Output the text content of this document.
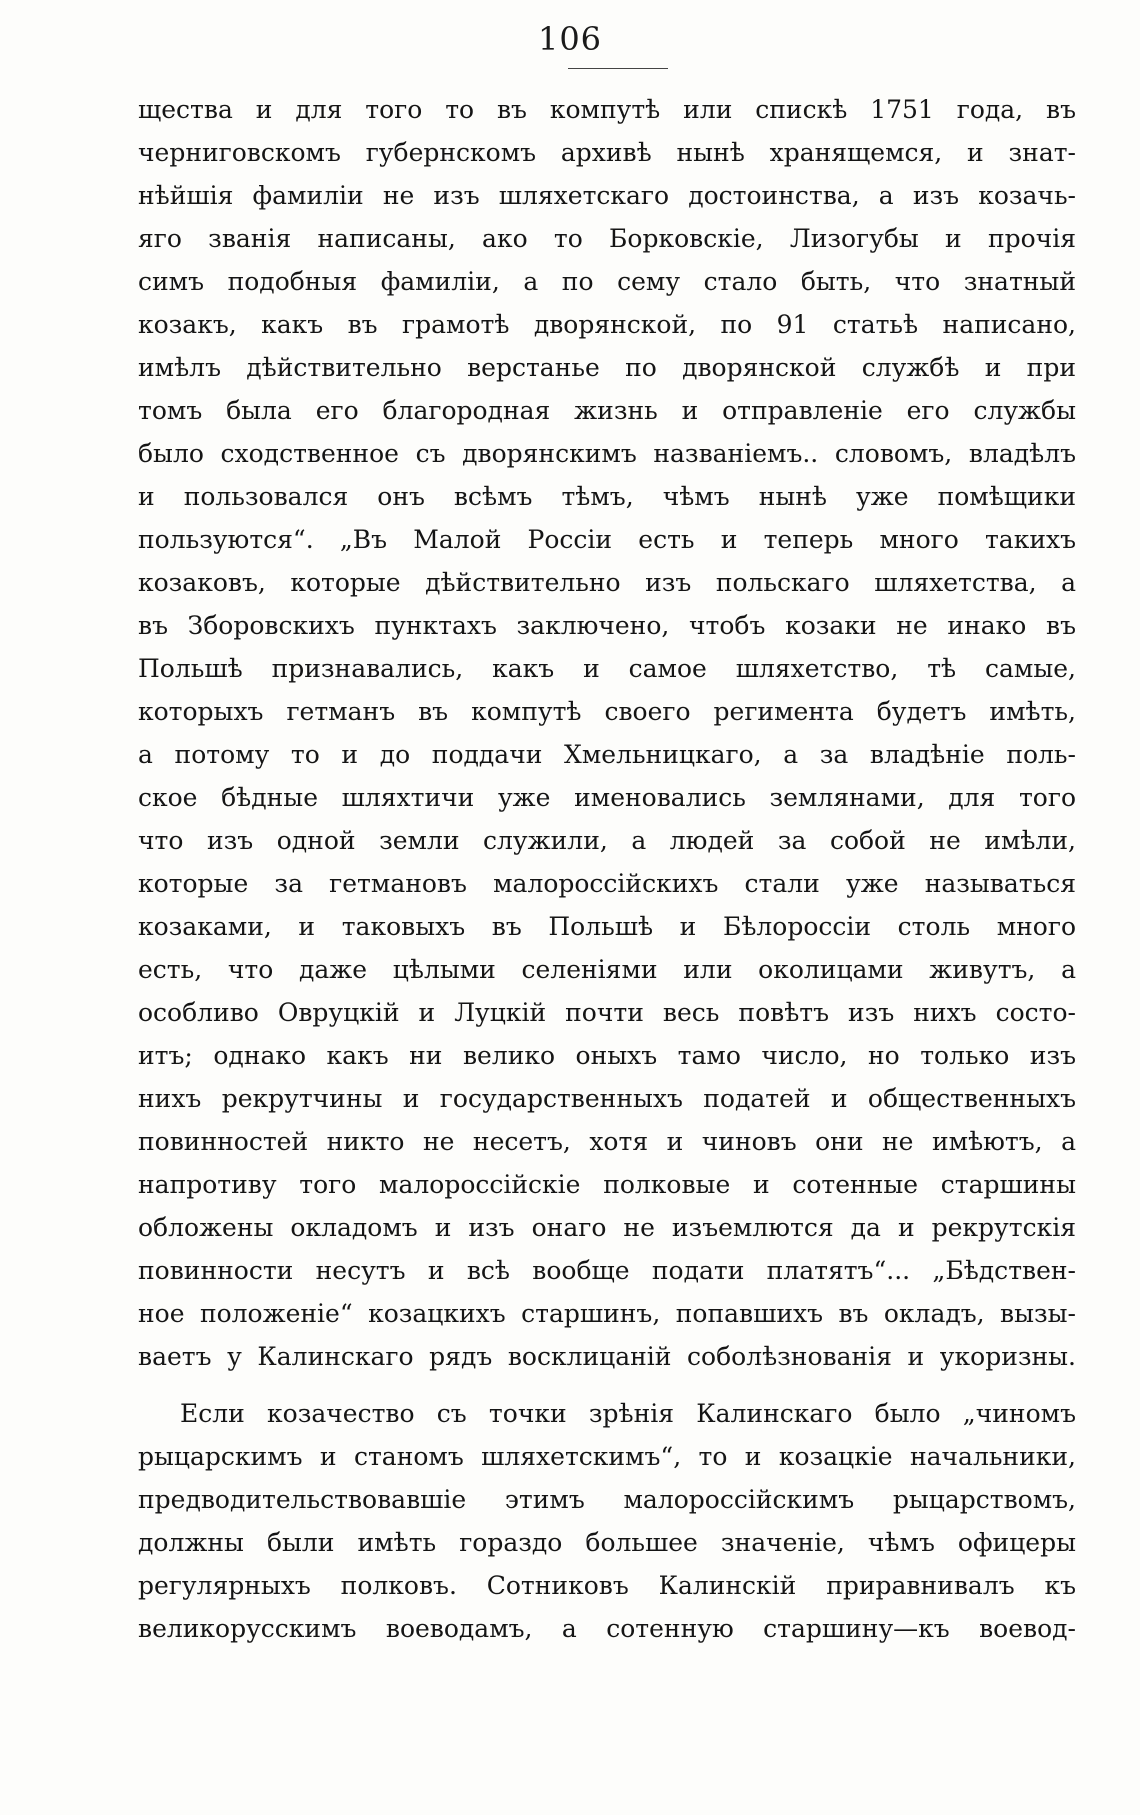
106
щества и для того то въ компутѣ или спискѣ 1751 года, въ
черниговскомъ губернскомъ архивѣ нынѣ хранящемся, и знат-
нѣйшія фамиліи не изъ шляхетскаго достоинства, а изъ козачь-
яго званія написаны, ако то Борковскіе, Лизогубы и прочія
симъ подобныя фамиліи, а по сему стало быть, что знатный
козакъ, какъ въ грамотѣ дворянской, по 91 статьѣ написано,
имѣлъ дѣйствительно верстанье по дворянской службѣ и при
томъ была его благородная жизнь и отправленіе его службы
было сходственное съ дворянскимъ названіемъ.. словомъ, владѣлъ
и пользовался онъ всѣмъ тѣмъ, чѣмъ нынѣ уже помѣщики
пользуются“. „Въ Малой Россіи есть и теперь много такихъ
козаковъ, которые дѣйствительно изъ польскаго шляхетства, а
въ Зборовскихъ пунктахъ заключено, чтобъ козаки не инако въ
Польшѣ признавались, какъ и самое шляхетство, тѣ самые,
которыхъ гетманъ въ компутѣ своего регимента будетъ имѣть,
а потому то и до поддачи Хмельницкаго, а за владѣніе поль-
ское бѣдные шляхтичи уже именовались землянами, для того
что изъ одной земли служили, а людей за собой не имѣли,
которые за гетмановъ малороссійскихъ стали уже называться
козаками, и таковыхъ въ Польшѣ и Бѣлороссіи столь много
есть, что даже цѣлыми селеніями или околицами живутъ, а
особливо Овруцкій и Луцкій почти весь повѣтъ изъ нихъ состо-
итъ; однако какъ ни велико оныхъ тамо число, но только изъ
нихъ рекрутчины и государственныхъ податей и общественныхъ
повинностей никто не несетъ, хотя и чиновъ они не имѣютъ, а
напротиву того малороссійскіе полковые и сотенные старшины
обложены окладомъ и изъ онаго не изъемлются да и рекрутскія
повинности несутъ и всѣ вообще подати платятъ“... „Бѣдствен-
ное положеніе“ козацкихъ старшинъ, попавшихъ въ окладъ, вызы-
ваетъ у Калинскаго рядъ восклицаній соболѣзнованія и укоризны.
Если козачество съ точки зрѣнія Калинскаго было „чиномъ
рыцарскимъ и станомъ шляхетскимъ“, то и козацкіе начальники,
предводительствовавшіе этимъ малороссійскимъ рыцарствомъ,
должны были имѣть гораздо большее значеніе, чѣмъ офицеры
регулярныхъ полковъ. Сотниковъ Калинскій приравнивалъ къ
великорусскимъ воеводамъ, а сотенную старшину—къ воевод-
